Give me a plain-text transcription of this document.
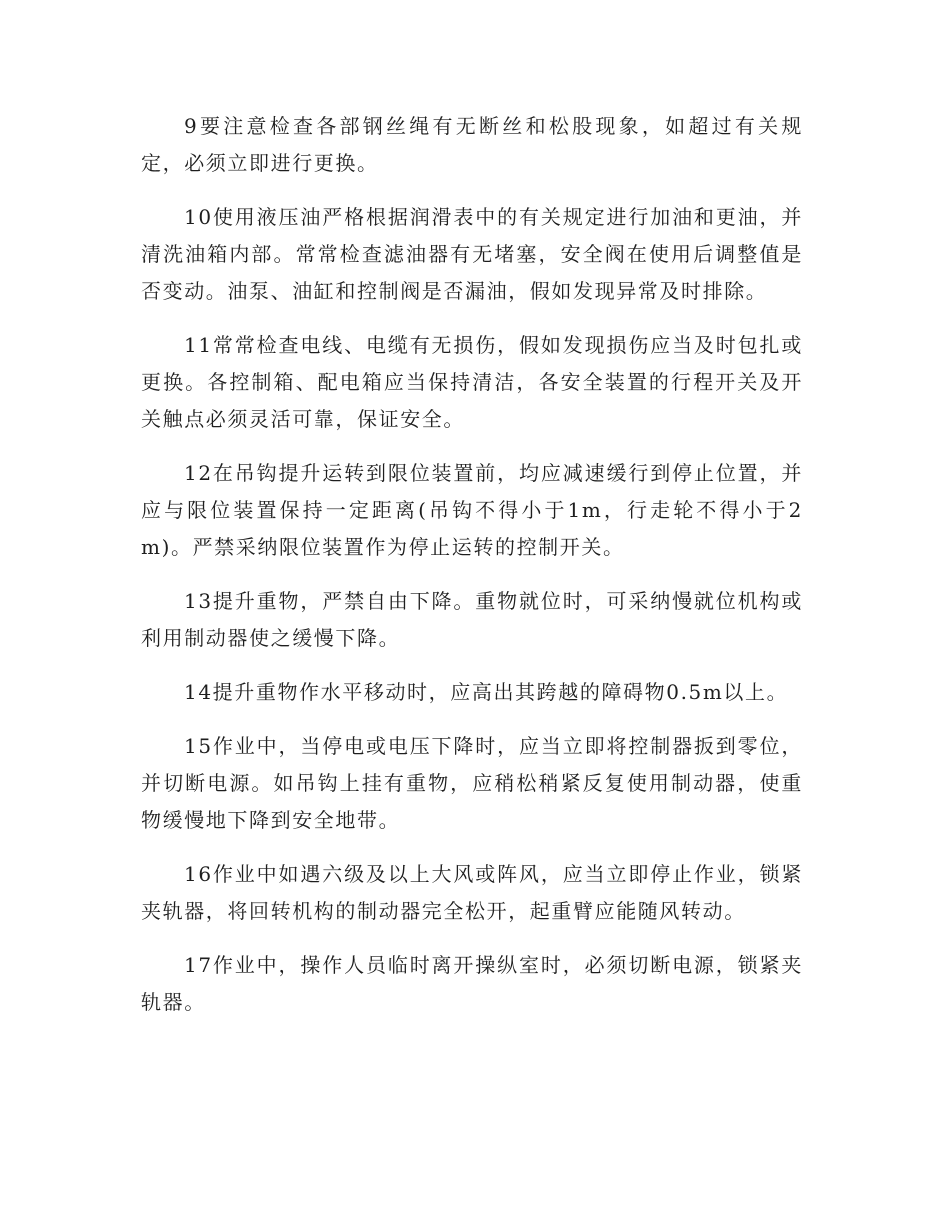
9要注意检查各部钢丝绳有无断丝和松股现象，如超过有关规定，必须立即进行更换。

10使用液压油严格根据润滑表中的有关规定进行加油和更油，并清洗油箱内部。常常检查滤油器有无堵塞，安全阀在使用后调整值是否变动。油泵、油缸和控制阀是否漏油，假如发现异常及时排除。

11常常检查电线、电缆有无损伤，假如发现损伤应当及时包扎或更换。各控制箱、配电箱应当保持清洁，各安全装置的行程开关及开关触点必须灵活可靠，保证安全。

12在吊钩提升运转到限位装置前，均应减速缓行到停止位置，并应与限位装置保持一定距离(吊钩不得小于1m，行走轮不得小于2m)。严禁采纳限位装置作为停止运转的控制开关。

13提升重物，严禁自由下降。重物就位时，可采纳慢就位机构或利用制动器使之缓慢下降。

14提升重物作水平移动时，应高出其跨越的障碍物0.5m以上。

15作业中，当停电或电压下降时，应当立即将控制器扳到零位，并切断电源。如吊钩上挂有重物，应稍松稍紧反复使用制动器，使重物缓慢地下降到安全地带。

16作业中如遇六级及以上大风或阵风，应当立即停止作业，锁紧夹轨器，将回转机构的制动器完全松开，起重臂应能随风转动。

17作业中，操作人员临时离开操纵室时，必须切断电源，锁紧夹轨器。
